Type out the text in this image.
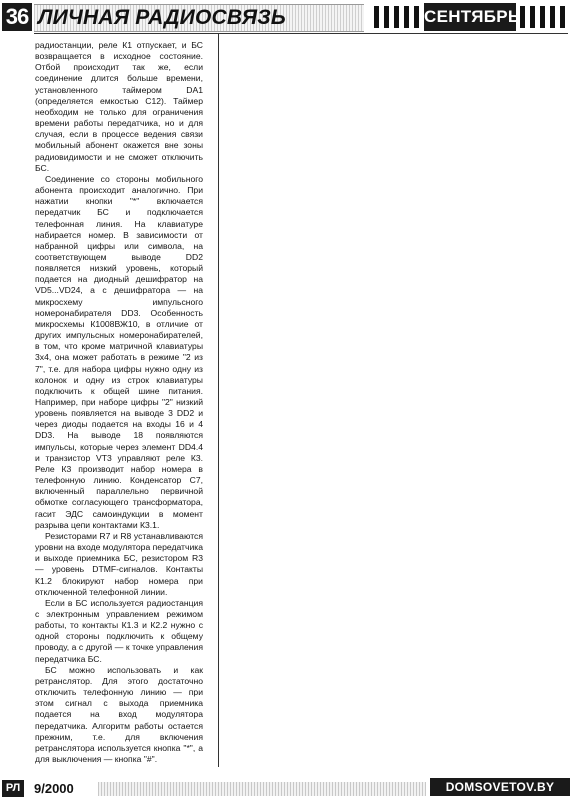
36 ЛИЧНАЯ РАДИОСВЯЗЬ	СЕНТЯБРЬ

радиостанции, реле К1 отпускает, и БС возвращается в исходное состояние. Отбой происходит так же, если соединение длится больше времени, установленного таймером DA1 (определяется емкостью С12). Таймер необходим не только для ограничения времени работы передатчика, но и для случая, если в процессе ведения связи мобильный абонент окажется вне зоны радиовидимости и не сможет отключить БС.

Соединение со стороны мобильного абонента происходит аналогично. При нажатии кнопки "*" включается передатчик БС и подключается телефонная линия. На клавиатуре набирается номер. В зависимости от набранной цифры или символа, на соответствующем выводе DD2 появляется низкий уровень, который подается на диодный дешифратор на VD5...VD24, а с дешифратора — на микросхему импульсного номеронабирателя DD3. Особенность микросхемы К1008ВЖ10, в отличие от других импульсных номеронабирателей, в том, что кроме матричной клавиатуры 3х4, она может работать в режиме "2 из 7", т.е. для набора цифры нужно одну из колонок и одну из строк клавиатуры подключить к общей шине питания. Например, при наборе цифры "2" низкий уровень появляется на выводе 3 DD2 и через диоды подается на входы 16 и 4 DD3. На выводе 18 появляются импульсы, которые через элемент DD4.4 и транзистор VT3 управляют реле К3. Реле К3 производит набор номера в телефонную линию. Конденсатор С7, включенный параллельно первичной обмотке согласующего трансформатора, гасит ЭДС самоиндукции в момент разрыва цепи контактами К3.1.

Резисторами R7 и R8 устанавливаются уровни на входе модулятора передатчика и выходе приемника БС, резистором R3 — уровень DTMF-сигналов. Контакты К1.2 блокируют набор номера при отключенной телефонной линии.

Если в БС используется радиостанция с электронным управлением режимом работы, то контакты К1.3 и К2.2 нужно с одной стороны подключить к общему проводу, а с другой — к точке управления передатчика БС.

БС можно использовать и как ретранслятор. Для этого достаточно отключить телефонную линию — при этом сигнал с выхода приемника подается на вход модулятора передатчика. Алгоритм работы остается прежним, т.е. для включения ретранслятора используется кнопка "*", а для выключения — кнопка "#".

РЛ 9/2000	DOMSOVETOV.BY
